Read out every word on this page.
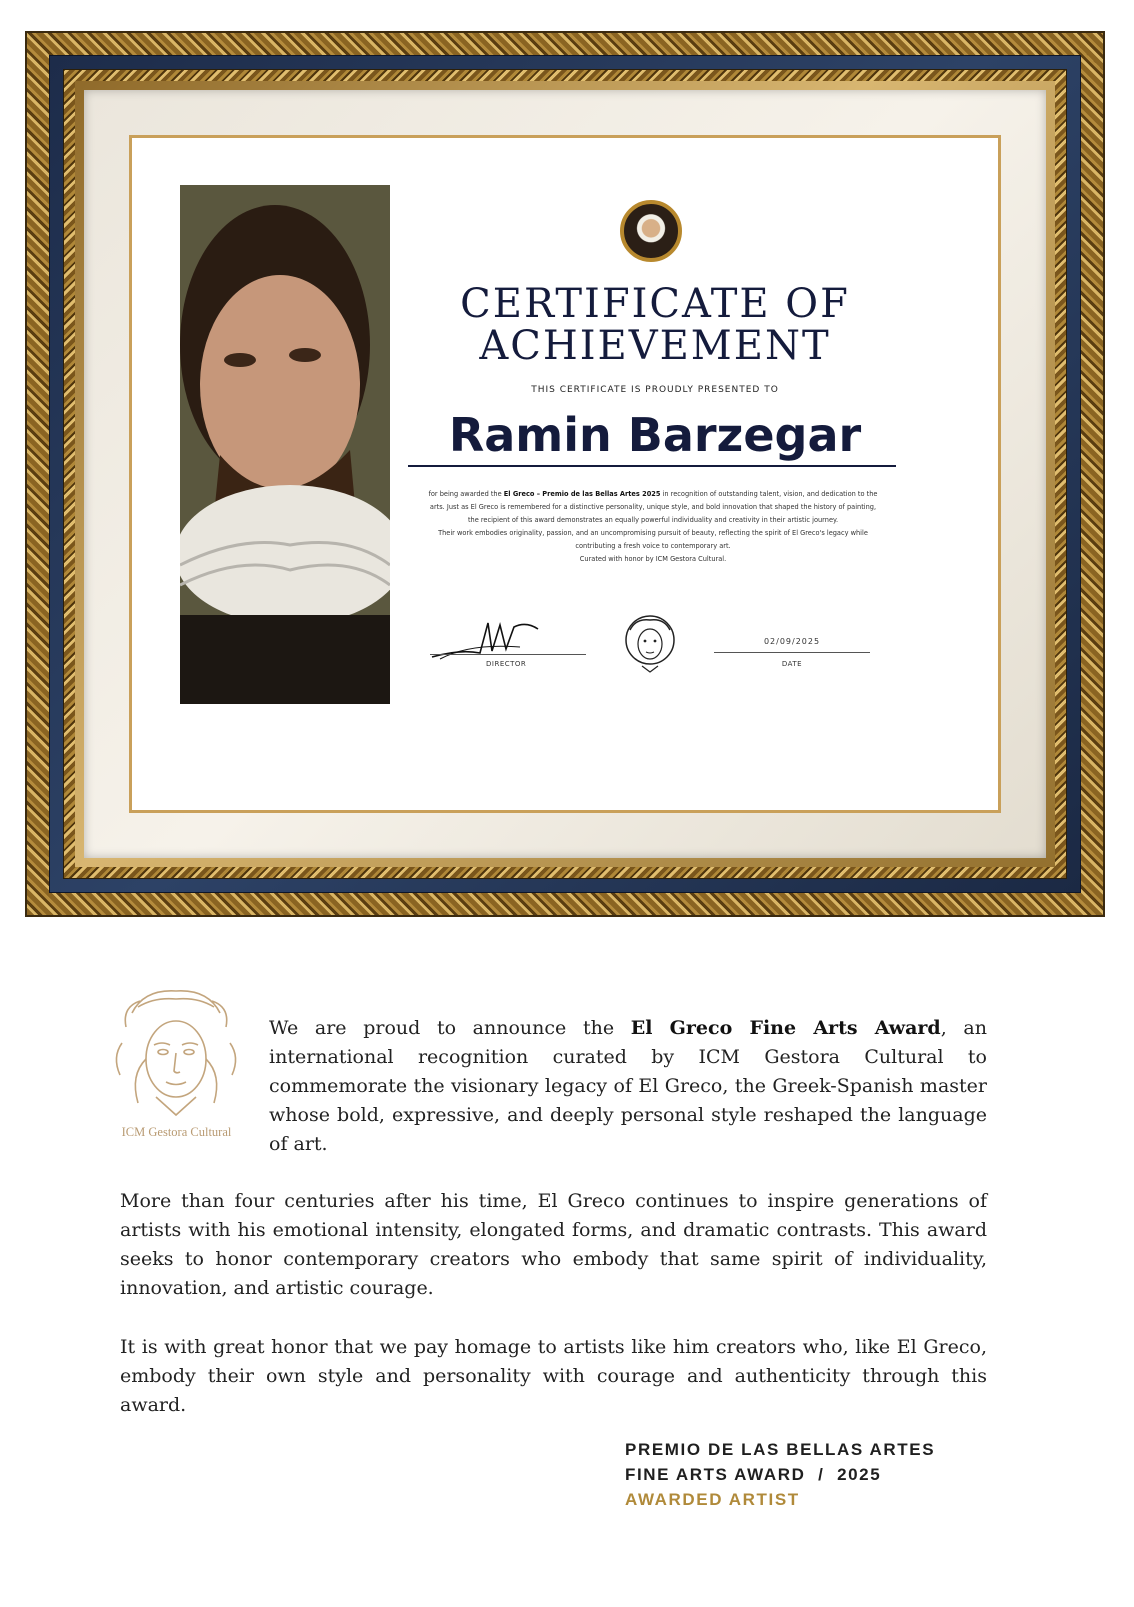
CERTIFICATE OF
ACHIEVEMENT
THIS CERTIFICATE IS PROUDLY PRESENTED TO
Ramin Barzegar
for being awarded the El Greco – Premio de las Bellas Artes 2025 in recognition of outstanding talent, vision, and dedication to the arts. Just as El Greco is remembered for a distinctive personality, unique style, and bold innovation that shaped the history of painting, the recipient of this award demonstrates an equally powerful individuality and creativity in their artistic journey.
Their work embodies originality, passion, and an uncompromising pursuit of beauty, reflecting the spirit of El Greco's legacy while contributing a fresh voice to contemporary art.
Curated with honor by ICM Gestora Cultural.
DIRECTOR
02/09/2025
DATE
ICM Gestora Cultural

We are proud to announce the El Greco Fine Arts Award, an international recognition curated by ICM Gestora Cultural to commemorate the visionary legacy of El Greco, the Greek-Spanish master whose bold, expressive, and deeply personal style reshaped the language of art.

More than four centuries after his time, El Greco continues to inspire generations of artists with his emotional intensity, elongated forms, and dramatic contrasts. This award seeks to honor contemporary creators who embody that same spirit of individuality, innovation, and artistic courage.

It is with great honor that we pay homage to artists like him creators who, like El Greco, embody their own style and personality with courage and authenticity through this award.

PREMIO DE LAS BELLAS ARTES
FINE ARTS AWARD  /  2025
AWARDED ARTIST
